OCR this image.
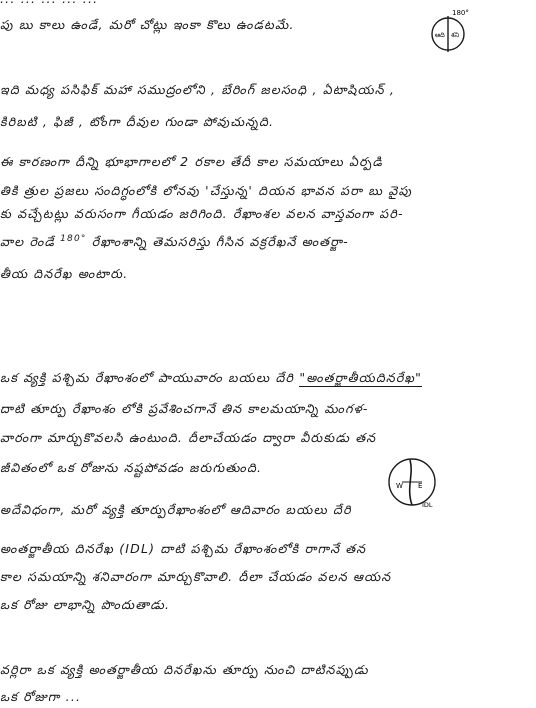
పు బు కాలు ఉండే, మరో చోట్లు ఇంకా కొలు ఉండటమే.
180°
ఆది శని
ఇది మధ్య పసిఫిక్ మహా సముద్రంలోని , బేరింగ్ జలసంధి , ఏటాషియన్ ,
కిరిబటి , ఫిజీ , టోంగా దీవుల గుండా పోవుచున్నది.
ఈ కారణంగా దీన్ని భూభాగాలలో 2 రకాల తేదీ కాల సమయాలు ఏర్పడి
తికి త్రుల ప్రజలు సందిగ్ధంలోకి లోనవు 'చేస్తున్న' దియన భావన పరా బు వైపు
కు వచ్చేటట్లు వరుసంగా గీయడం జరిగింది. రేఖాంశల వలన వాస్తవంగా పరి-
వాల రెండే $^{180^\circ}$ రేఖాంశాన్ని తెమసరిస్తు గీసిన వక్రరేఖనే అంతర్జా-
తీయ దినరేఖ అంటారు.
ఒక వ్యక్తి పశ్చిమ రేఖాంశంలో పాయువారం బయలు దేరి "అంతర్జాతీయదినరేఖ"
దాటి తూర్పు రేఖాంశం లోకి ప్రవేశించగానే తిన కాలమయాన్ని మంగళ-
వారంగా మార్చుకొవలసి ఉంటుంది. దీలాచేయడం ద్వారా వీరుకుడు తన
జీవితంలో ఒక రోజును నష్టపోవడం జరుగుతుంది.
W E
IDL
అదేవిధంగా, మరో వ్యక్తి తూర్పురేఖాంశంలో ఆదివారం బయలు దేరి
అంతర్జాతీయ దినరేఖ (IDL) దాటి పశ్చిమ రేఖాంశంలోకి రాగానే తన
కాల సమయాన్ని శనివారంగా మార్చుకొవాలి. దీలా చేయడం వలన ఆయన
ఒక రోజు లాభాన్ని పొందుతాడు.
వర్లిరా ఒక వ్యక్తి అంతర్జాతీయ దినరేఖను తూర్పు నుంచి దాటినప్పుడు
ఒక రోజుగా ...
